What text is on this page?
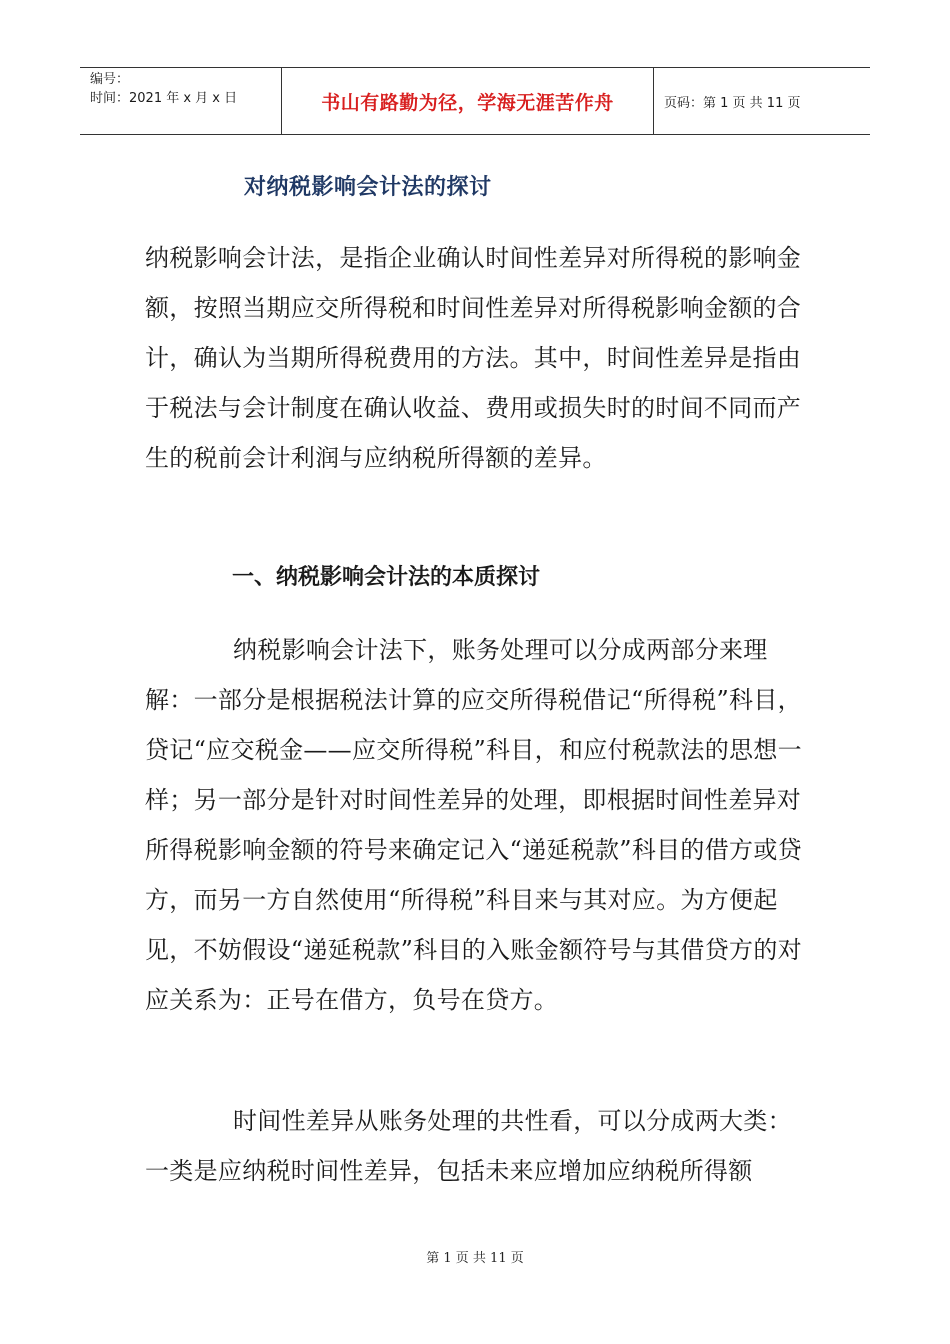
编号：
时间：2021 年 x 月 x 日	书山有路勤为径，学海无涯苦作舟	页码：第 1 页 共 11 页
对纳税影响会计法的探讨

纳税影响会计法，是指企业确认时间性差异对所得税的影响金额，按照当期应交所得税和时间性差异对所得税影响金额的合计，确认为当期所得税费用的方法。其中，时间性差异是指由于税法与会计制度在确认收益、费用或损失时的时间不同而产生的税前会计利润与应纳税所得额的差异。

一、纳税影响会计法的本质探讨

纳税影响会计法下，账务处理可以分成两部分来理解：一部分是根据税法计算的应交所得税借记“所得税”科目，贷记“应交税金——应交所得税”科目，和应付税款法的思想一样；另一部分是针对时间性差异的处理，即根据时间性差异对所得税影响金额的符号来确定记入“递延税款”科目的借方或贷方，而另一方自然使用“所得税”科目来与其对应。为方便起见，不妨假设“递延税款”科目的入账金额符号与其借贷方的对应关系为：正号在借方，负号在贷方。

时间性差异从账务处理的共性看，可以分成两大类：一类是应纳税时间性差异，包括未来应增加应纳税所得额

第 1 页 共 11 页
